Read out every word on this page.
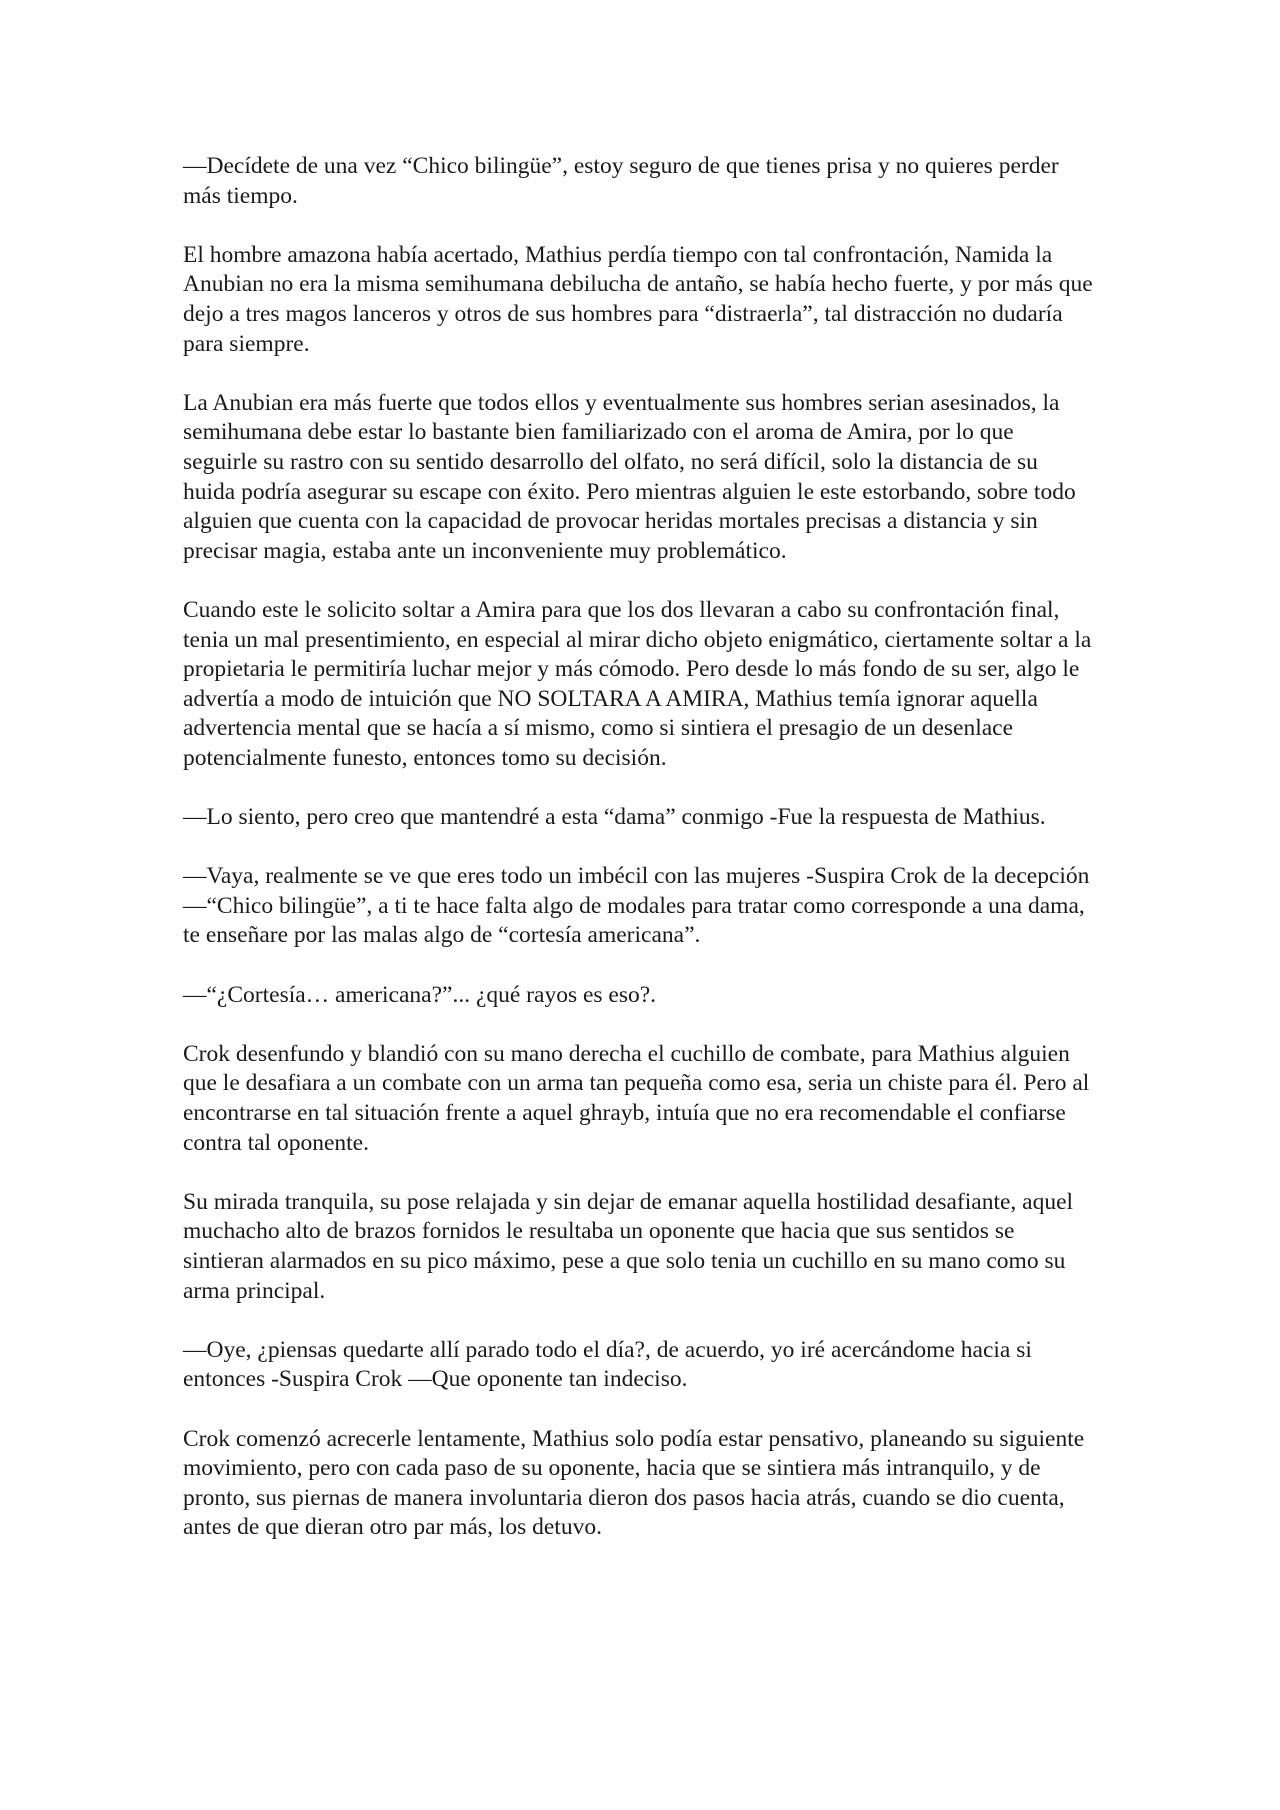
—Decídete de una vez “Chico bilingüe”, estoy seguro de que tienes prisa y no quieres perder más tiempo.

El hombre amazona había acertado, Mathius perdía tiempo con tal confrontación, Namida la Anubian no era la misma semihumana debilucha de antaño, se había hecho fuerte, y por más que dejo a tres magos lanceros y otros de sus hombres para “distraerla”, tal distracción no dudaría para siempre.

La Anubian era más fuerte que todos ellos y eventualmente sus hombres serian asesinados, la semihumana debe estar lo bastante bien familiarizado con el aroma de Amira, por lo que seguirle su rastro con su sentido desarrollo del olfato, no será difícil, solo la distancia de su huida podría asegurar su escape con éxito. Pero mientras alguien le este estorbando, sobre todo alguien que cuenta con la capacidad de provocar heridas mortales precisas a distancia y sin precisar magia, estaba ante un inconveniente muy problemático.

Cuando este le solicito soltar a Amira para que los dos llevaran a cabo su confrontación final, tenia un mal presentimiento, en especial al mirar dicho objeto enigmático, ciertamente soltar a la propietaria le permitiría luchar mejor y más cómodo. Pero desde lo más fondo de su ser, algo le advertía a modo de intuición que NO SOLTARA A AMIRA, Mathius temía ignorar aquella advertencia mental que se hacía a sí mismo, como si sintiera el presagio de un desenlace potencialmente funesto, entonces tomo su decisión.

—Lo siento, pero creo que mantendré a esta “dama” conmigo -Fue la respuesta de Mathius.

—Vaya, realmente se ve que eres todo un imbécil con las mujeres -Suspira Crok de la decepción —“Chico bilingüe”, a ti te hace falta algo de modales para tratar como corresponde a una dama, te enseñare por las malas algo de “cortesía americana”.

—“¿Cortesía… americana?”... ¿qué rayos es eso?.

Crok desenfundo y blandió con su mano derecha el cuchillo de combate, para Mathius alguien que le desafiara a un combate con un arma tan pequeña como esa, seria un chiste para él. Pero al encontrarse en tal situación frente a aquel ghrayb, intuía que no era recomendable el confiarse contra tal oponente.

Su mirada tranquila, su pose relajada y sin dejar de emanar aquella hostilidad desafiante, aquel muchacho alto de brazos fornidos le resultaba un oponente que hacia que sus sentidos se sintieran alarmados en su pico máximo, pese a que solo tenia un cuchillo en su mano como su arma principal.

—Oye, ¿piensas quedarte allí parado todo el día?, de acuerdo, yo iré acercándome hacia si entonces -Suspira Crok —Que oponente tan indeciso.

Crok comenzó acrecerle lentamente, Mathius solo podía estar pensativo, planeando su siguiente movimiento, pero con cada paso de su oponente, hacia que se sintiera más intranquilo, y de pronto, sus piernas de manera involuntaria dieron dos pasos hacia atrás, cuando se dio cuenta, antes de que dieran otro par más, los detuvo.
